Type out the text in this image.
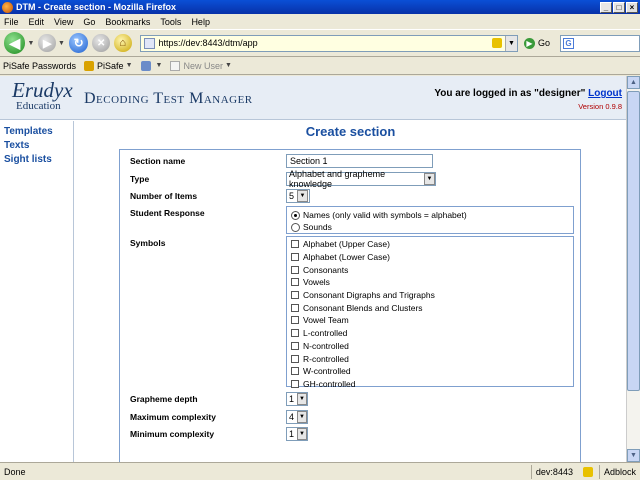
DTM - Create section - Mozilla Firefox	_	□	×
File Edit View Go Bookmarks Tools Help
◀	▼ ▶ ▼ ↻	✕	⌂	https://dev:8443/dtm/app	▼	▶ Go G
PiSafe Passwords PiSafe ▼	▼ New User ▼
Erudyx
Education	Decoding Test Manager	You are logged in as "designer" Logout
Version 0.9.8
Templates
Texts
Sight lists
Create section
Section name	Section 1
Type	Alphabet and grapheme knowledge	▼
Number of Items	5 ▼
Student Response	Names (only valid with symbols = alphabet)
Sounds
Symbols	Alphabet (Upper Case)
Alphabet (Lower Case)
Consonants
Vowels
Consonant Digraphs and Trigraphs
Consonant Blends and Clusters
Vowel Team
L-controlled
N-controlled
R-controlled
W-controlled
GH-controlled
Grapheme depth	1 ▼
Maximum complexity	4 ▼
Minimum complexity	1 ▼
▲
▼
Done	dev:8443	Adblock
